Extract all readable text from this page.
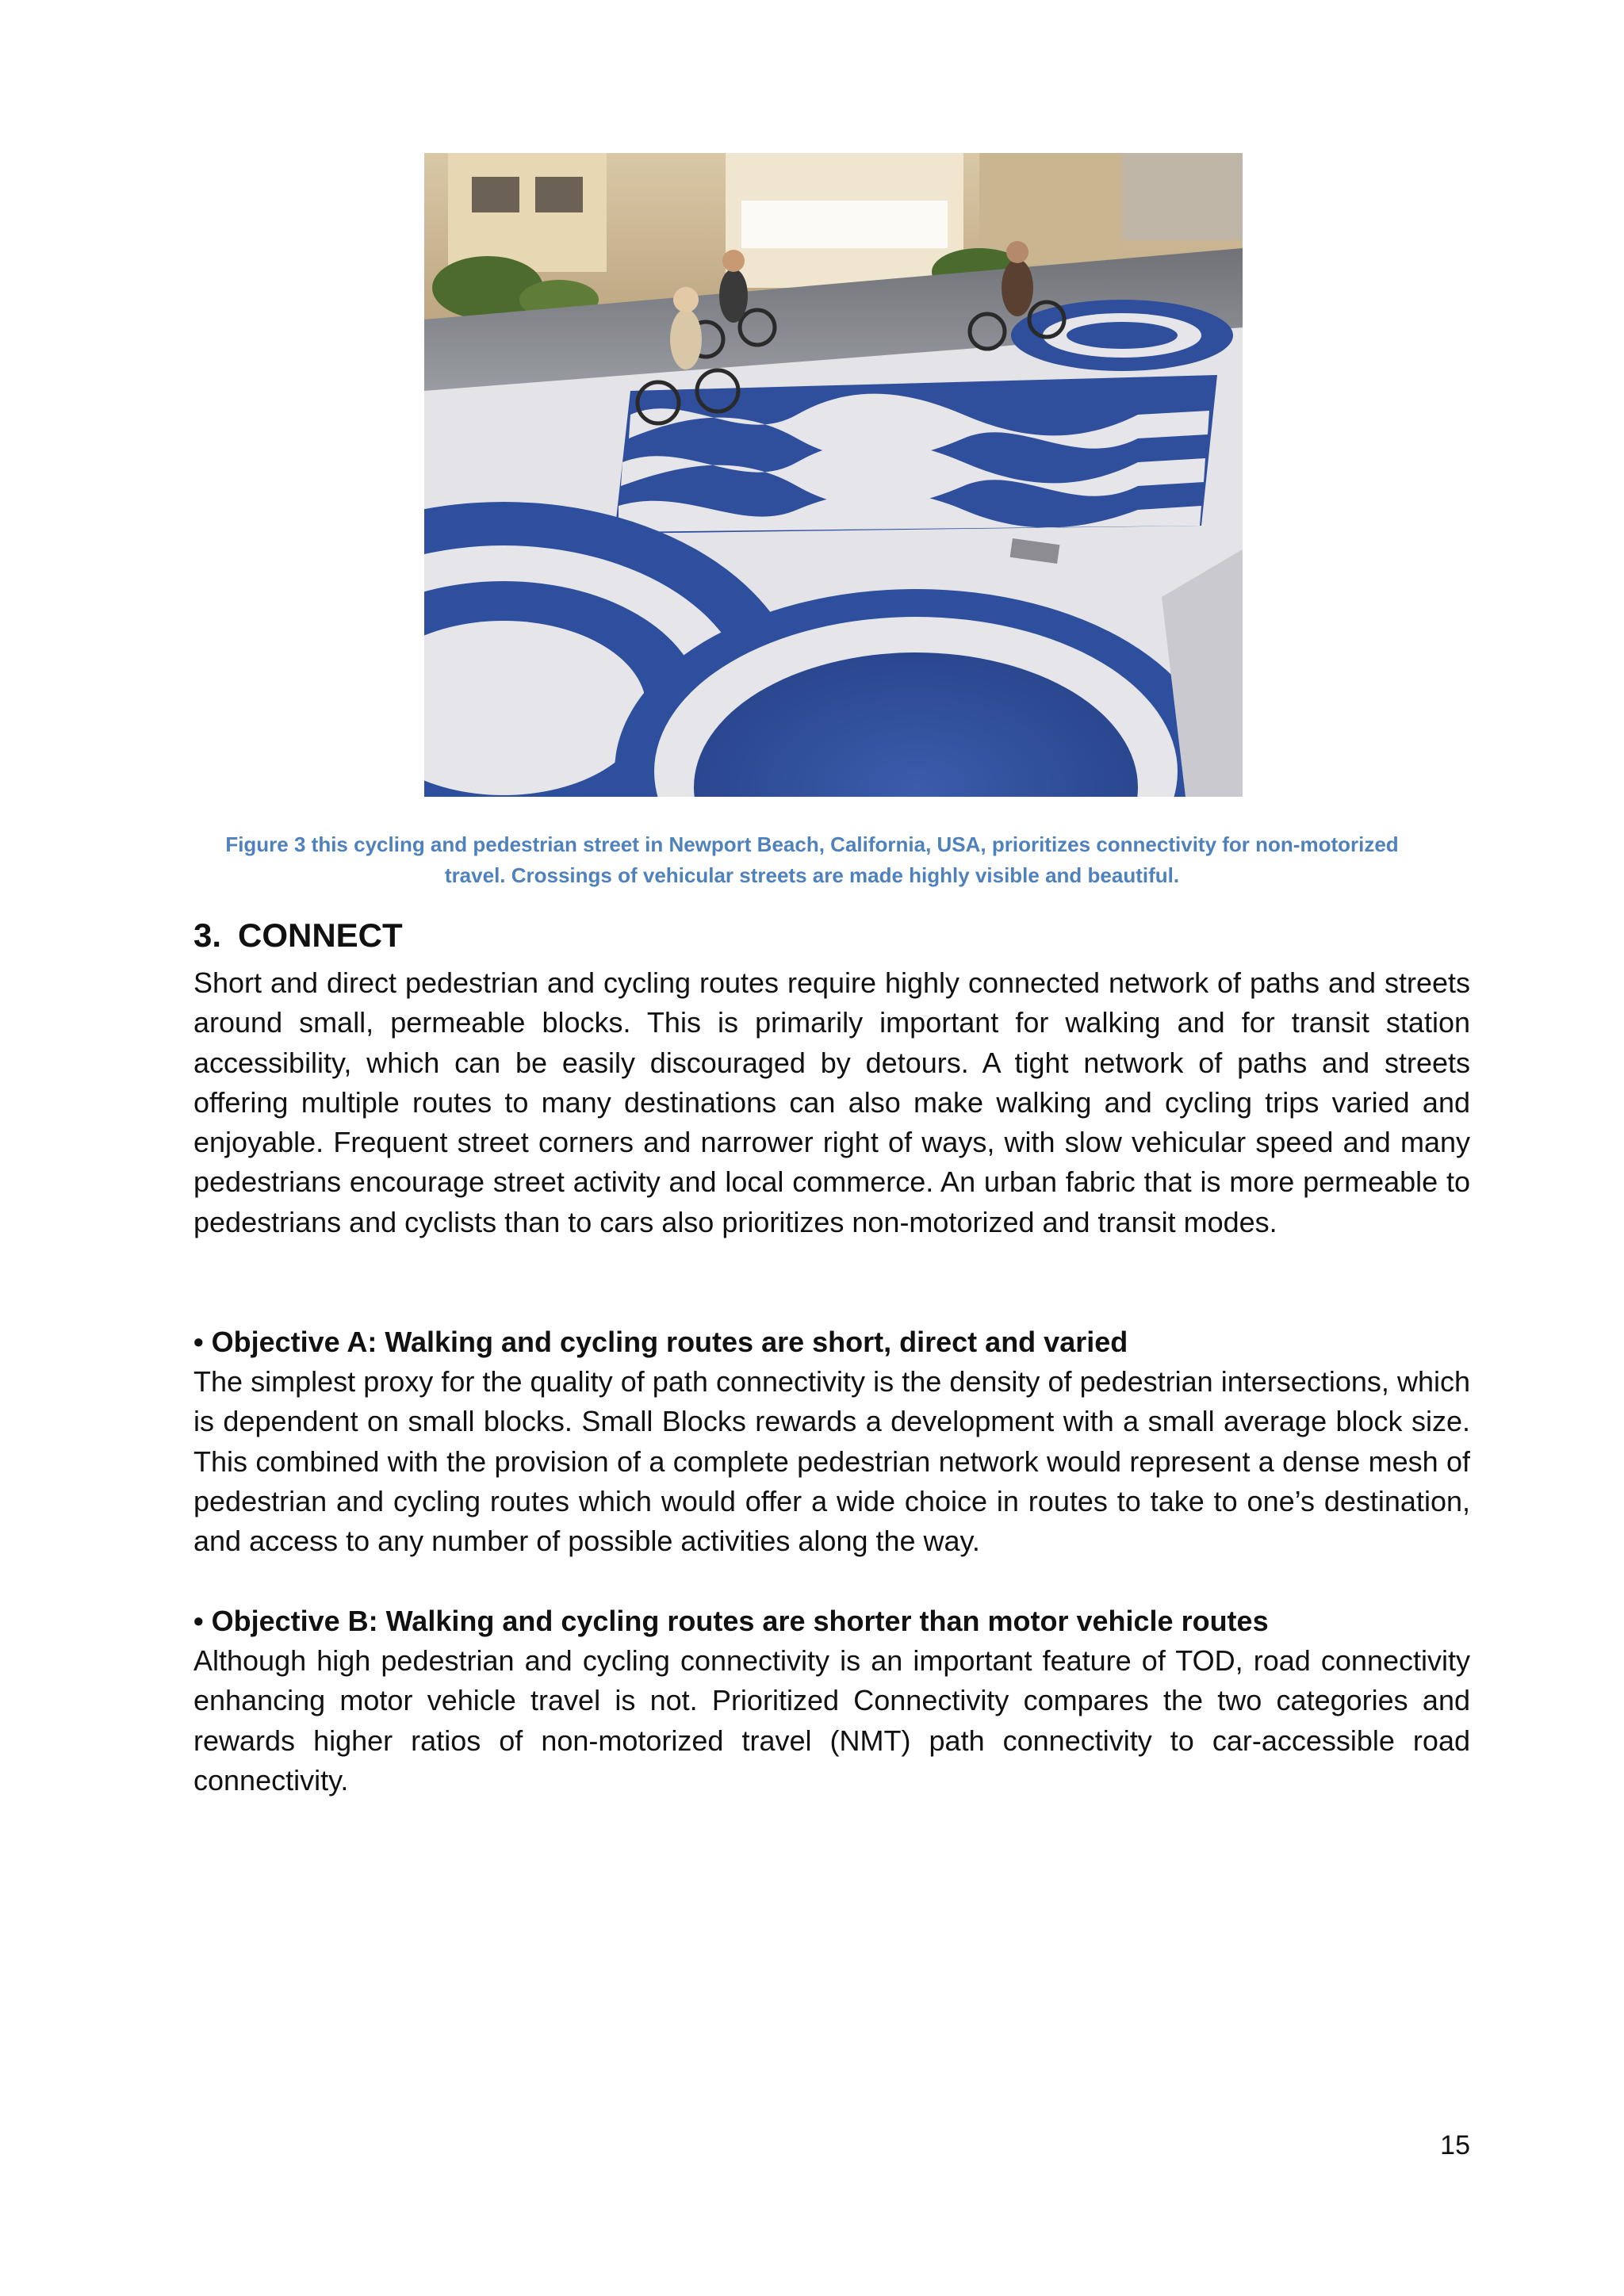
Figure 3 this cycling and pedestrian street in Newport Beach, California, USA, prioritizes connectivity for non-motorized
travel. Crossings of vehicular streets are made highly visible and beautiful.
3. CONNECT
Short and direct pedestrian and cycling routes require highly connected network of paths and streets around small, permeable blocks. This is primarily important for walking and for transit station accessibility, which can be easily discouraged by detours. A tight network of paths and streets offering multiple routes to many destinations can also make walking and cycling trips varied and enjoyable. Frequent street corners and narrower right of ways, with slow vehicular speed and many pedestrians encourage street activity and local commerce. An urban fabric that is more permeable to pedestrians and cyclists than to cars also prioritizes non-motorized and transit modes.
• Objective A: Walking and cycling routes are short, direct and varied
The simplest proxy for the quality of path connectivity is the density of pedestrian intersections, which is dependent on small blocks. Small Blocks rewards a development with a small average block size. This combined with the provision of a complete pedestrian network would represent a dense mesh of pedestrian and cycling routes which would offer a wide choice in routes to take to one’s destination, and access to any number of possible activities along the way.
• Objective B: Walking and cycling routes are shorter than motor vehicle routes
Although high pedestrian and cycling connectivity is an important feature of TOD, road connectivity enhancing motor vehicle travel is not. Prioritized Connectivity compares the two categories and rewards higher ratios of non-motorized travel (NMT) path connectivity to car-accessible road connectivity.
15
